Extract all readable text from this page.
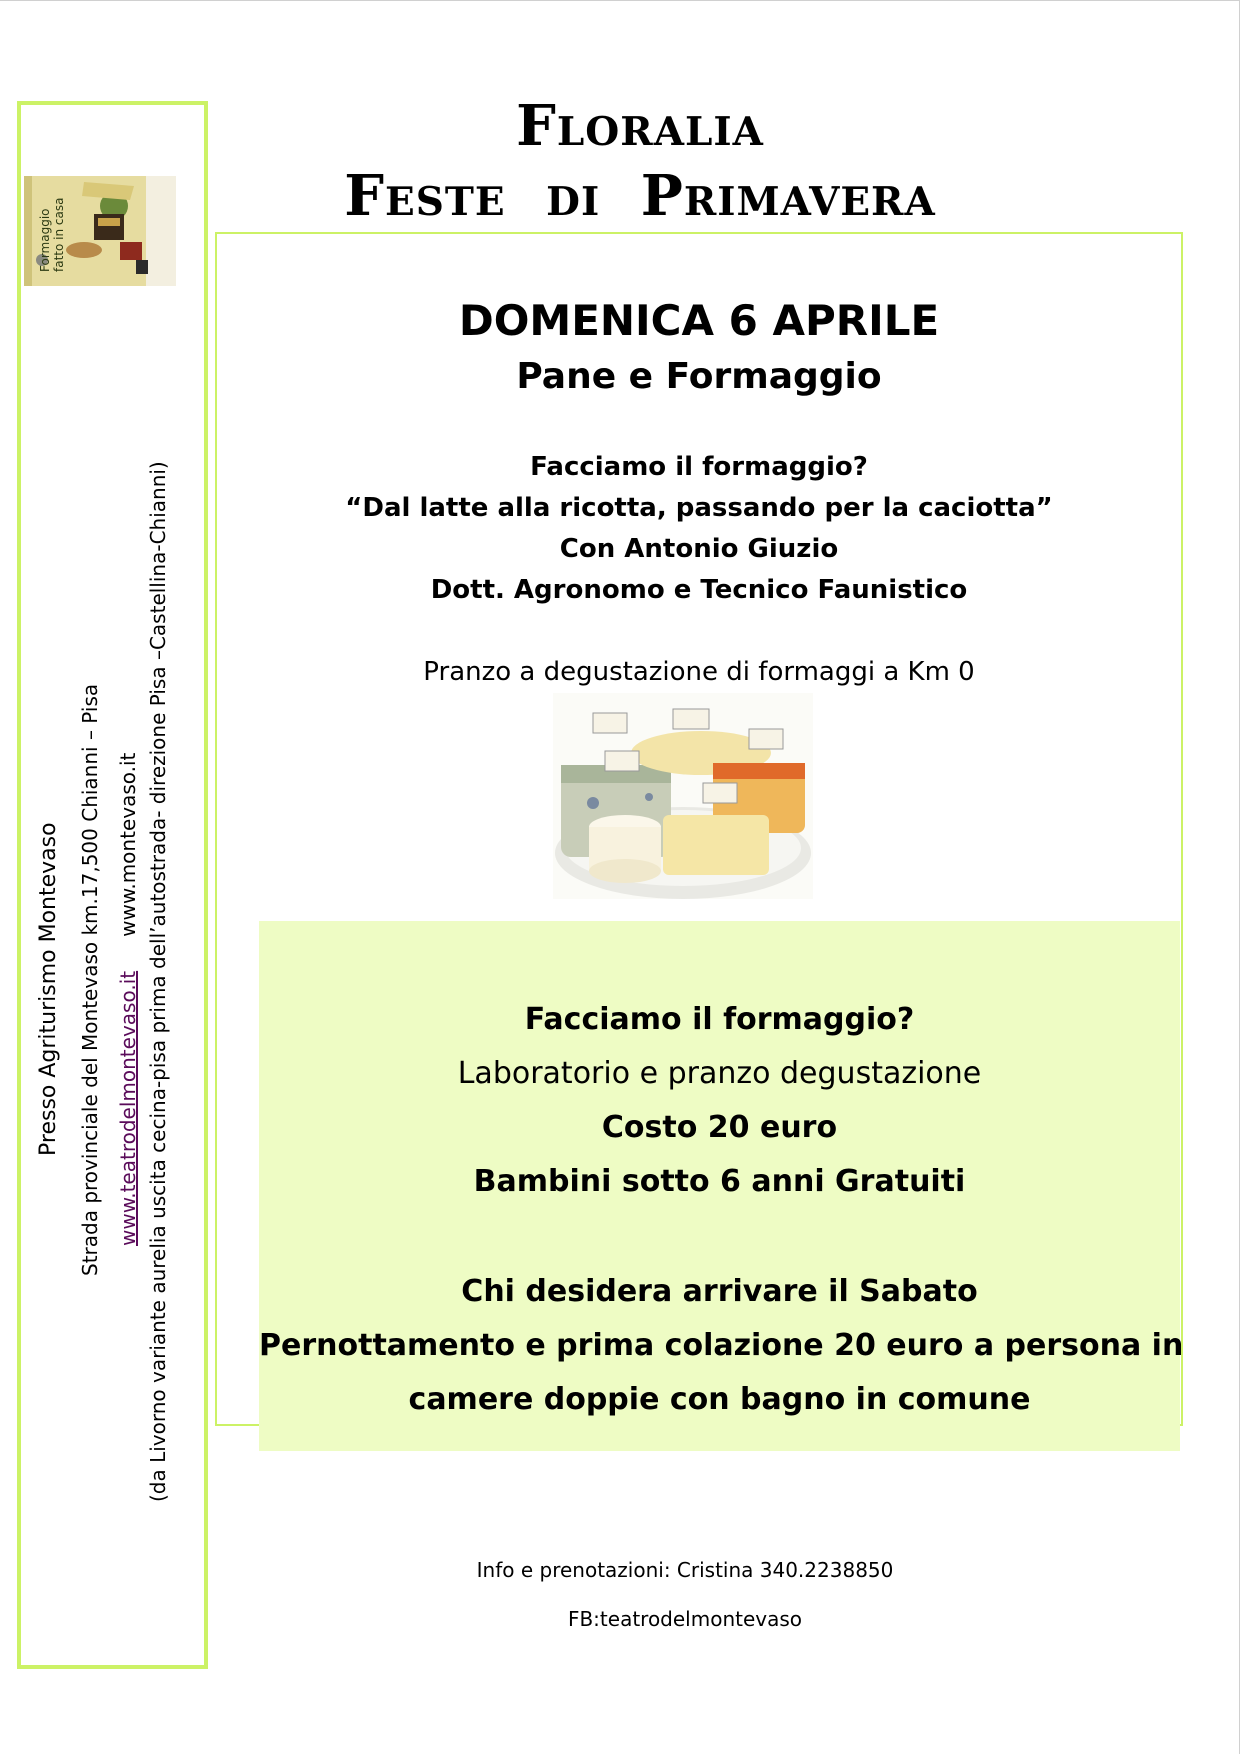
Formaggio fatto in casa
Presso Agriturismo Montevaso Strada provinciale del Montevaso km.17,500 Chianni – Pisa www.teatrodelmontevaso.itwww.montevaso.it (da Livorno variante aurelia uscita cecina-pisa prima dell’autostrada- direzione Pisa –Castellina-Chianni)
Floralia
Feste di Primavera
DOMENICA 6 APRILE
Pane e Formaggio
Facciamo il formaggio?
“Dal latte alla ricotta, passando per la caciotta”
Con Antonio Giuzio
Dott. Agronomo e Tecnico Faunistico
Pranzo a degustazione di formaggi a Km 0
Facciamo il formaggio?
Laboratorio e pranzo degustazione
Costo 20 euro
Bambini sotto 6 anni Gratuiti
Chi desidera arrivare il Sabato
Pernottamento e prima colazione 20 euro a persona in
camere doppie con bagno in comune
Info e prenotazioni: Cristina 340.2238850
FB:teatrodelmontevaso
